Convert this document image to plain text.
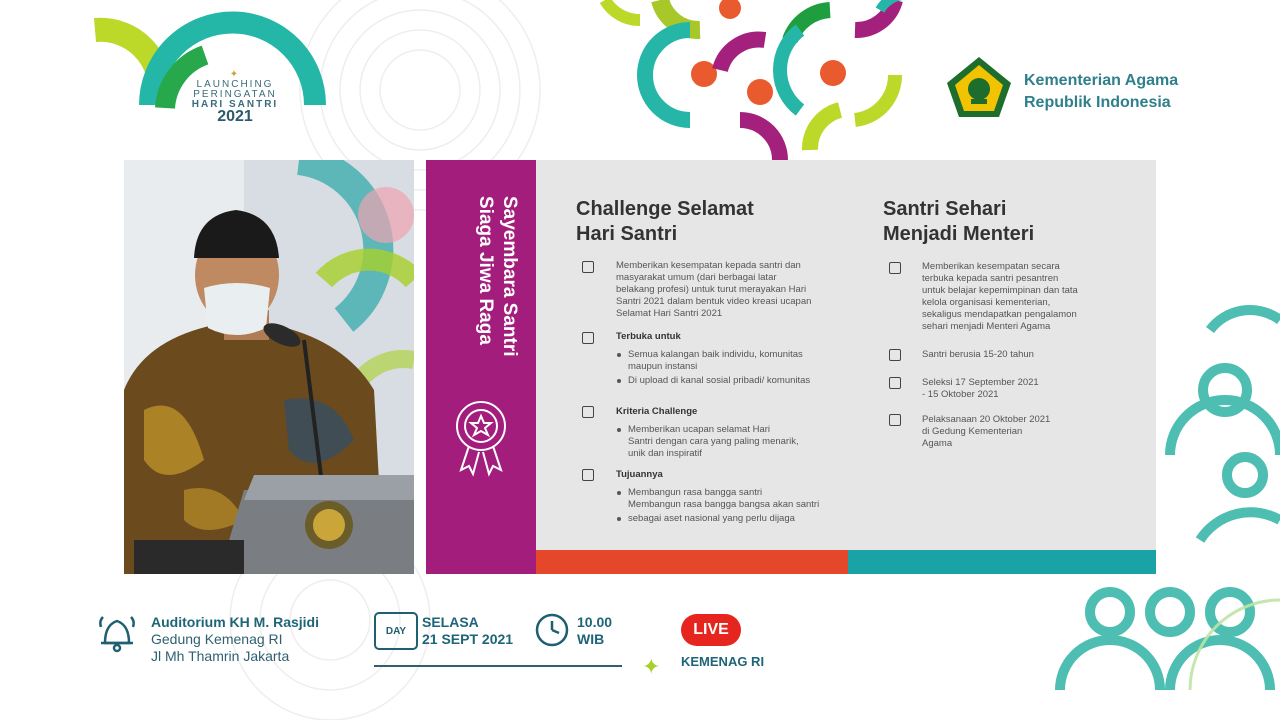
✦
LAUNCHING
PERINGATAN
HARI SANTRI
2021
Kementerian Agama
Republik Indonesia
Sayembara Santri
Siaga Jiwa Raga	Challenge Selamat
Hari Santri
Memberikan kesempatan kepada santri dan
masyarakat umum (dari berbagai latar
belakang profesi) untuk turut merayakan Hari
Santri 2021 dalam bentuk video kreasi ucapan
Selamat Hari Santri 2021
Terbuka untuk
Semua kalangan baik individu, komunitas
maupun instansi
Di upload di kanal sosial pribadi/ komunitas
Kriteria Challenge
Memberikan ucapan selamat Hari
Santri dengan cara yang paling menarik,
unik dan inspiratif
Tujuannya
Membangun rasa bangga santri
Membangun rasa bangga bangsa akan santri
sebagai aset nasional yang perlu dijaga
Santri Sehari
Menjadi Menteri
Memberikan kesempatan secara
terbuka kepada santri pesantren
untuk belajar kepemimpinan dan tata
kelola organisasi kementerian,
sekaligus mendapatkan pengalamon
sehari menjadi Menteri Agama
Santri berusia 15-20 tahun
Seleksi 17 September 2021
- 15 Oktober 2021
Pelaksanaan 20 Oktober 2021
di Gedung Kementerian
Agama
Auditorium KH M. Rasjidi
Gedung Kemenag RI
Jl Mh Thamrin Jakarta
DAY
SELASA
21 SEPT 2021
10.00
WIB
✦
LIVE
KEMENAG RI
